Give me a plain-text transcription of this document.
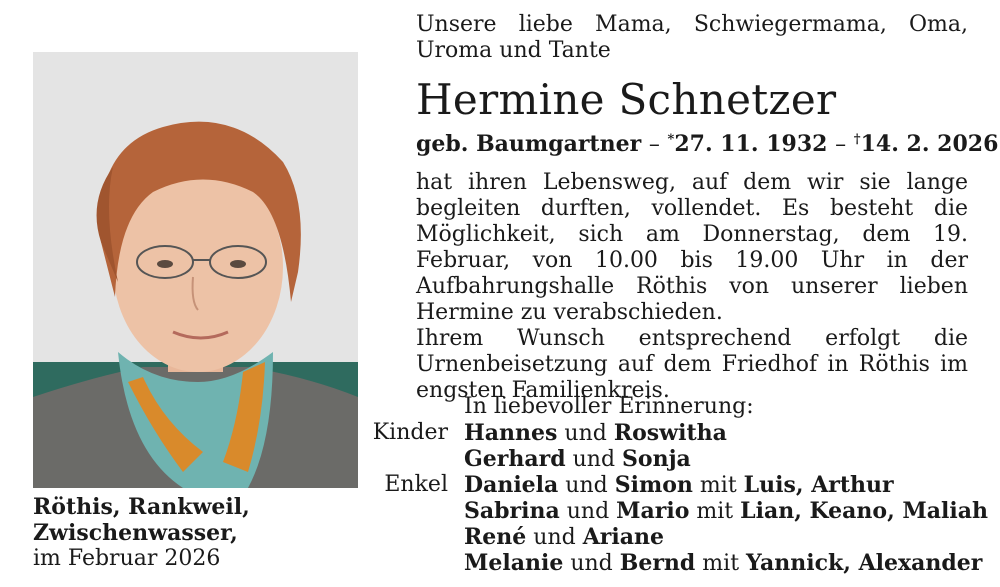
Unsere liebe Mama, Schwiegermama, Oma,
Uroma und Tante
Hermine Schnetzer
geb. Baumgartner – *27. 11. 1932 – †14. 2. 2026
hat ihren Lebensweg, auf dem wir sie lange begleiten durften, vollendet. Es besteht die Möglichkeit, sich am Donnerstag, dem 19. Februar, von 10.00 bis 19.00 Uhr in der Aufbahrungshalle Röthis von unserer lieben Hermine zu verabschieden.
Ihrem Wunsch entsprechend erfolgt die Urnenbeisetzung auf dem Friedhof in Röthis im engsten Familienkreis.
In liebevoller Erinnerung:
Kinder Hannes und Roswitha
Gerhard und Sonja
Enkel Daniela und Simon mit Luis, Arthur
Sabrina und Mario mit Lian, Keano, Maliah
René und Ariane
Melanie und Bernd mit Yannick, Alexander
Röthis, Rankweil,
Zwischenwasser,
im Februar 2026
